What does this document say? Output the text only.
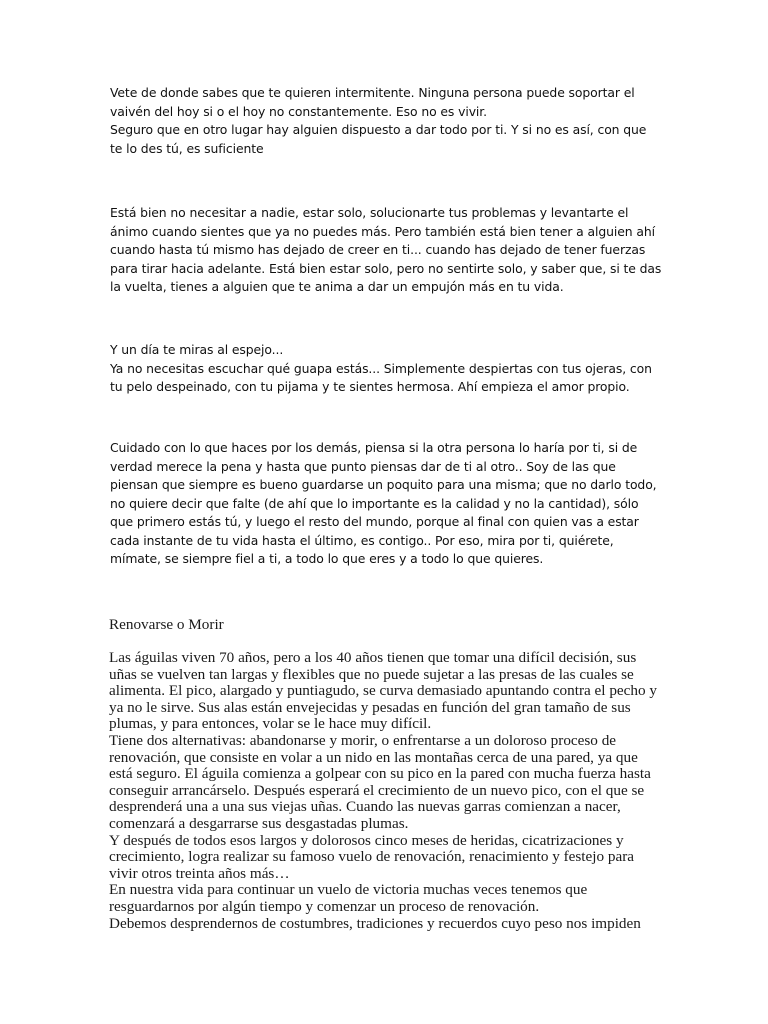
Vete de donde sabes que te quieren intermitente. Ninguna persona puede soportar el vaivén del hoy si o el hoy no constantemente. Eso no es vivir.

Seguro que en otro lugar hay alguien dispuesto a dar todo por ti. Y si no es así, con que te lo des tú, es suficiente

Está bien no necesitar a nadie, estar solo, solucionarte tus problemas y levantarte el ánimo cuando sientes que ya no puedes más. Pero también está bien tener a alguien ahí cuando hasta tú mismo has dejado de creer en ti... cuando has dejado de tener fuerzas para tirar hacia adelante. Está bien estar solo, pero no sentirte solo, y saber que, si te das la vuelta, tienes a alguien que te anima a dar un empujón más en tu vida.

Y un día te miras al espejo...

Ya no necesitas escuchar qué guapa estás... Simplemente despiertas con tus ojeras, con tu pelo despeinado, con tu pijama y te sientes hermosa. Ahí empieza el amor propio.

Cuidado con lo que haces por los demás, piensa si la otra persona lo haría por ti, si de verdad merece la pena y hasta que punto piensas dar de ti al otro.. Soy de las que piensan que siempre es bueno guardarse un poquito para una misma; que no darlo todo, no quiere decir que falte (de ahí que lo importante es la calidad y no la cantidad), sólo que primero estás tú, y luego el resto del mundo, porque al final con quien vas a estar cada instante de tu vida hasta el último, es contigo.. Por eso, mira por ti, quiérete, mímate, se siempre fiel a ti, a todo lo que eres y a todo lo que quieres.

Renovarse o Morir

Las águilas viven 70 años, pero a los 40 años tienen que tomar una difícil decisión, sus uñas se vuelven tan largas y flexibles que no puede sujetar a las presas de las cuales se alimenta. El pico, alargado y puntiagudo, se curva demasiado apuntando contra el pecho y ya no le sirve. Sus alas están envejecidas y pesadas en función del gran tamaño de sus plumas, y para entonces, volar se le hace muy difícil.

Tiene dos alternativas: abandonarse y morir, o enfrentarse a un doloroso proceso de renovación, que consiste en volar a un nido en las montañas cerca de una pared, ya que está seguro. El águila comienza a golpear con su pico en la pared con mucha fuerza hasta conseguir arrancárselo. Después esperará el crecimiento de un nuevo pico, con el que se desprenderá una a una sus viejas uñas. Cuando las nuevas garras comienzan a nacer, comenzará a desgarrarse sus desgastadas plumas.

Y después de todos esos largos y dolorosos cinco meses de heridas, cicatrizaciones y crecimiento, logra realizar su famoso vuelo de renovación, renacimiento y festejo para vivir otros treinta años más…

En nuestra vida para continuar un vuelo de victoria muchas veces tenemos que resguardarnos por algún tiempo y comenzar un proceso de renovación.

Debemos desprendernos de costumbres, tradiciones y recuerdos cuyo peso nos impiden
